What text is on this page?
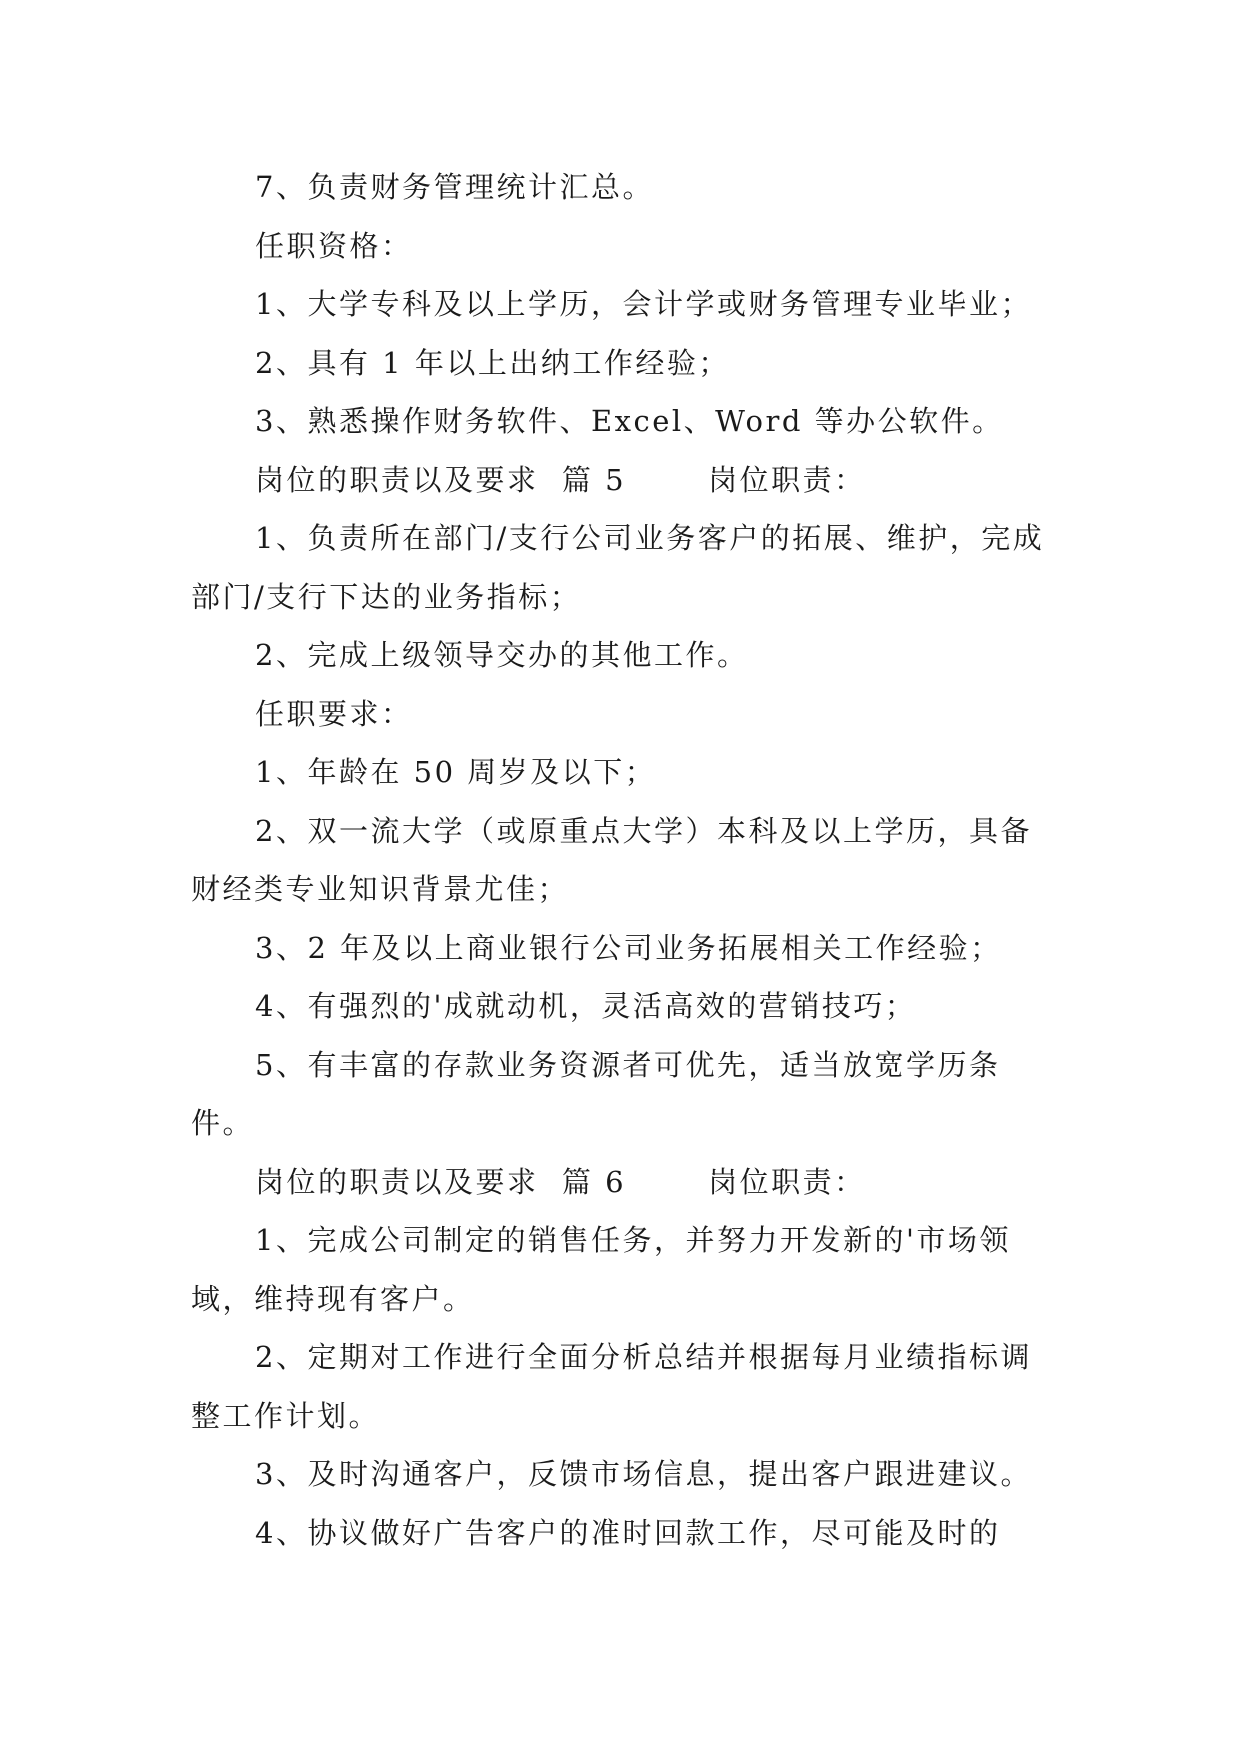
7、负责财务管理统计汇总。

任职资格：

1、大学专科及以上学历，会计学或财务管理专业毕业；

2、具有 1 年以上出纳工作经验；

3、熟悉操作财务软件、Excel、Word 等办公软件。

岗位的职责以及要求  篇 5       岗位职责：

1、负责所在部门/支行公司业务客户的拓展、维护，完成部门/支行下达的业务指标；

2、完成上级领导交办的其他工作。

任职要求：

1、年龄在 50 周岁及以下；

2、双一流大学（或原重点大学）本科及以上学历，具备财经类专业知识背景尤佳；

3、2 年及以上商业银行公司业务拓展相关工作经验；

4、有强烈的'成就动机，灵活高效的营销技巧；

5、有丰富的存款业务资源者可优先，适当放宽学历条件。

岗位的职责以及要求  篇 6       岗位职责：

1、完成公司制定的销售任务，并努力开发新的'市场领域，维持现有客户。

2、定期对工作进行全面分析总结并根据每月业绩指标调整工作计划。

3、及时沟通客户，反馈市场信息，提出客户跟进建议。

4、协议做好广告客户的准时回款工作，尽可能及时的
